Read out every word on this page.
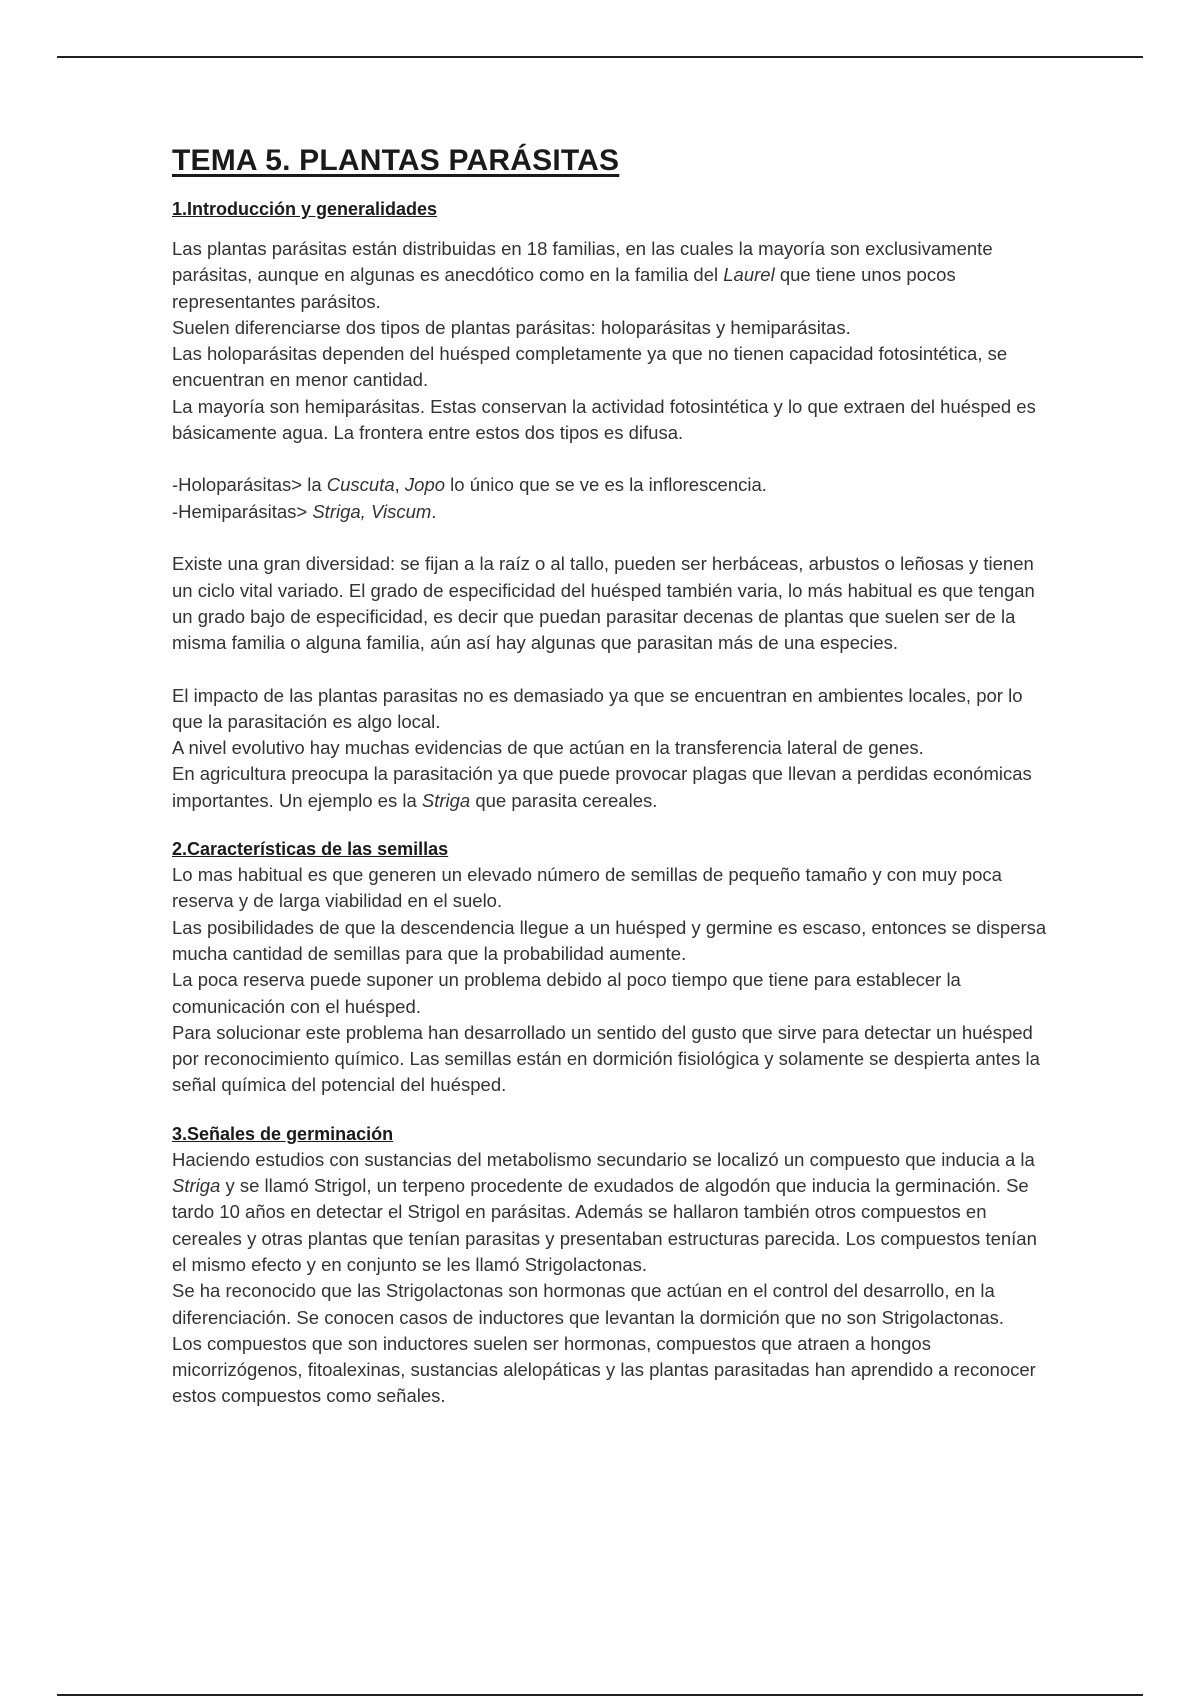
TEMA 5. PLANTAS PARÁSITAS
1.Introducción y generalidades

Las plantas parásitas están distribuidas en 18 familias, en las cuales la mayoría son exclusivamente parásitas, aunque en algunas es anecdótico como en la familia del Laurel que tiene unos pocos representantes parásitos.

Suelen diferenciarse dos tipos de plantas parásitas: holoparásitas y hemiparásitas.

Las holoparásitas dependen del huésped completamente ya que no tienen capacidad fotosintética, se encuentran en menor cantidad.

La mayoría son hemiparásitas. Estas conservan la actividad fotosintética y lo que extraen del huésped es básicamente agua. La frontera entre estos dos tipos es difusa.

-Holoparásitas> la Cuscuta, Jopo lo único que se ve es la inflorescencia.

-Hemiparásitas> Striga, Viscum.

Existe una gran diversidad: se fijan a la raíz o al tallo, pueden ser herbáceas, arbustos o leñosas y tienen un ciclo vital variado. El grado de especificidad del huésped también varia, lo más habitual es que tengan un grado bajo de especificidad, es decir que puedan parasitar decenas de plantas que suelen ser de la misma familia o alguna familia, aún así hay algunas que parasitan más de una especies.

El impacto de las plantas parasitas no es demasiado ya que se encuentran en ambientes locales, por lo que la parasitación es algo local.

A nivel evolutivo hay muchas evidencias de que actúan en la transferencia lateral de genes.

En agricultura preocupa la parasitación ya que puede provocar plagas que llevan a perdidas económicas importantes. Un ejemplo es la Striga que parasita cereales.

2.Características de las semillas

Lo mas habitual es que generen un elevado número de semillas de pequeño tamaño y con muy poca reserva y de larga viabilidad en el suelo.

Las posibilidades de que la descendencia llegue a un huésped y germine es escaso, entonces se dispersa mucha cantidad de semillas para que la probabilidad aumente.

La poca reserva puede suponer un problema debido al poco tiempo que tiene para establecer la comunicación con el huésped.

Para solucionar este problema han desarrollado un sentido del gusto que sirve para detectar un huésped por reconocimiento químico. Las semillas están en dormición fisiológica y solamente se despierta antes la señal química del potencial del huésped.

3.Señales de germinación

Haciendo estudios con sustancias del metabolismo secundario se localizó un compuesto que inducia a la Striga y se llamó Strigol, un terpeno procedente de exudados de algodón que inducia la germinación. Se tardo 10 años en detectar el Strigol en parásitas. Además se hallaron también otros compuestos en cereales y otras plantas que tenían parasitas y presentaban estructuras parecida. Los compuestos tenían el mismo efecto y en conjunto se les llamó Strigolactonas.

Se ha reconocido que las Strigolactonas son hormonas que actúan en el control del desarrollo, en la diferenciación. Se conocen casos de inductores que levantan la dormición que no son Strigolactonas.

Los compuestos que son inductores suelen ser hormonas, compuestos que atraen a hongos micorrizógenos, fitoalexinas, sustancias alelopáticas y las plantas parasitadas han aprendido a reconocer estos compuestos como señales.
